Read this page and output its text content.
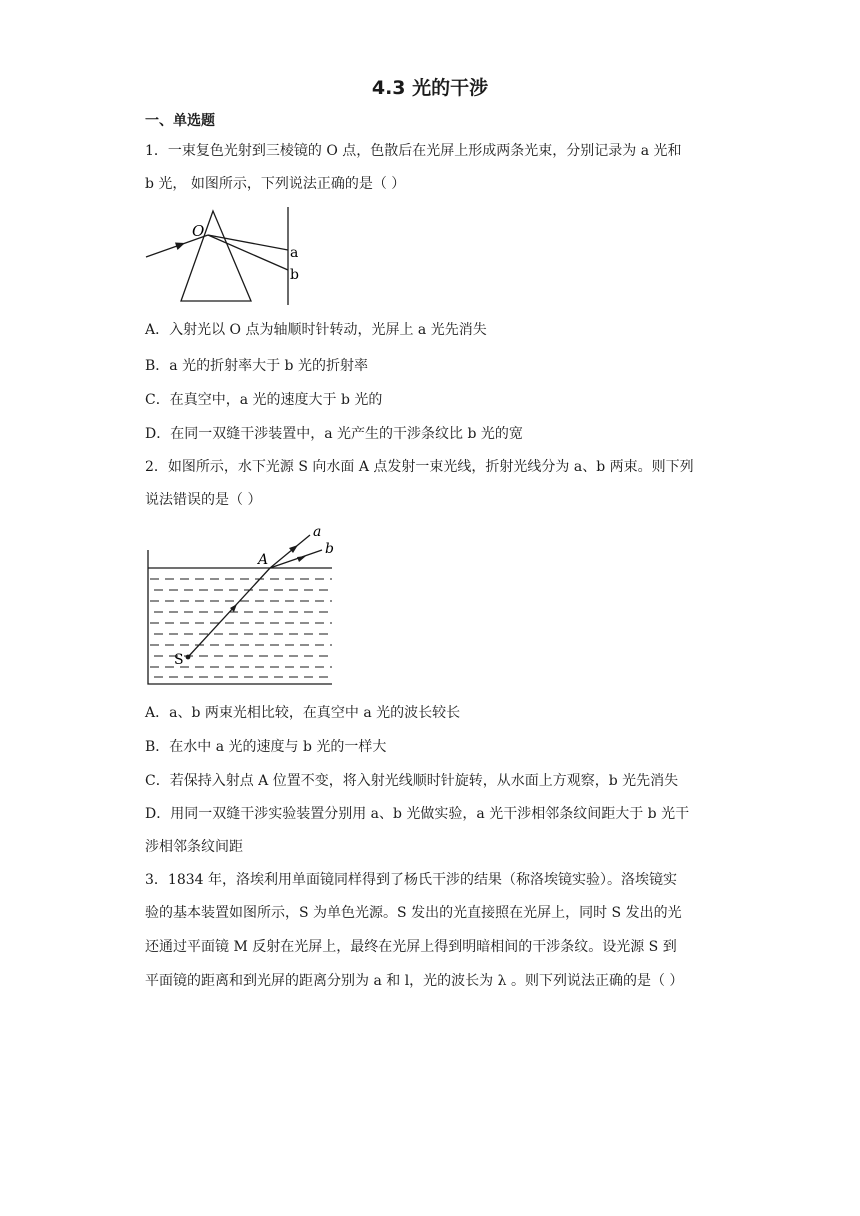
4.3 光的干涉
一、单选题
1．一束复色光射到三棱镜的 O 点，色散后在光屏上形成两条光束，分别记录为 a 光和
b 光， 如图所示，下列说法正确的是（ ）
O
a
b
A．入射光以 O 点为轴顺时针转动，光屏上 a 光先消失
B．a 光的折射率大于 b 光的折射率
C．在真空中，a 光的速度大于 b 光的
D．在同一双缝干涉装置中，a 光产生的干涉条纹比 b 光的宽
2．如图所示，水下光源 S 向水面 A 点发射一束光线，折射光线分为 a、b 两束。则下列
说法错误的是（ ）
S
A
a
b
A．a、b 两束光相比较，在真空中 a 光的波长较长
B．在水中 a 光的速度与 b 光的一样大
C．若保持入射点 A 位置不变，将入射光线顺时针旋转，从水面上方观察，b 光先消失
D．用同一双缝干涉实验装置分别用 a、b 光做实验，a 光干涉相邻条纹间距大于 b 光干
涉相邻条纹间距
3．1834 年，洛埃利用单面镜同样得到了杨氏干涉的结果（称洛埃镜实验）。洛埃镜实
验的基本装置如图所示，S 为单色光源。S 发出的光直接照在光屏上，同时 S 发出的光
还通过平面镜 M 反射在光屏上，最终在光屏上得到明暗相间的干涉条纹。设光源 S 到
平面镜的距离和到光屏的距离分别为 a 和 l，光的波长为 λ 。则下列说法正确的是（ ）
